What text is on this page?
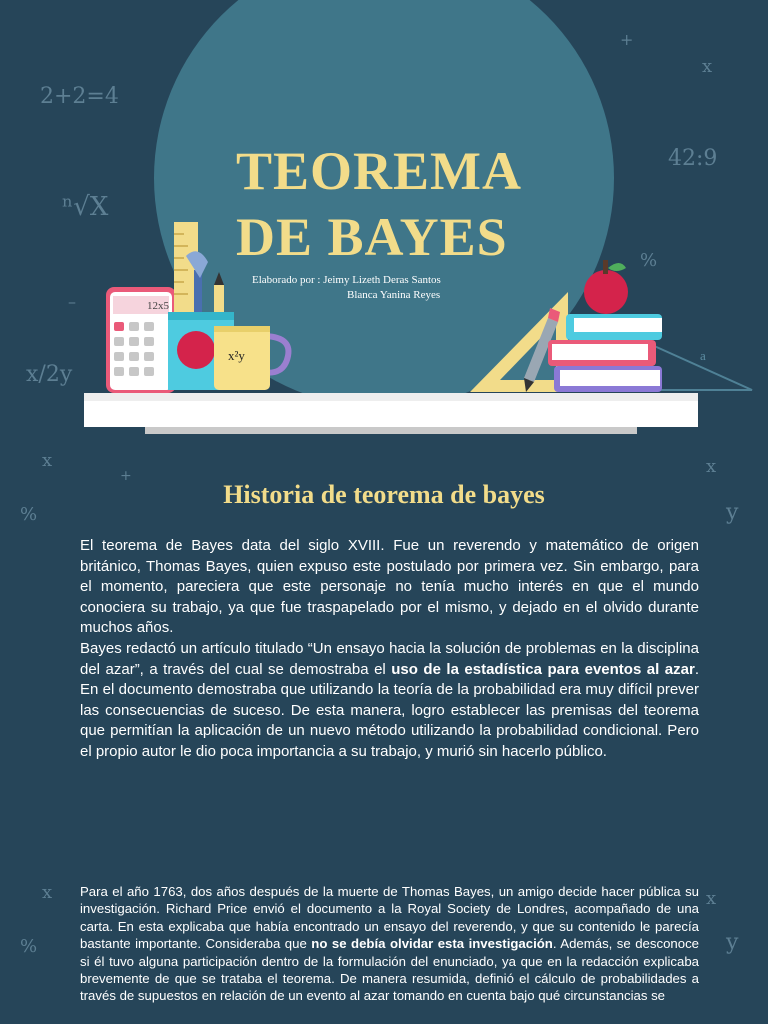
2+2=4
42:9
ⁿ√X
x/2y
x
+
%
–
x
+
%
x
y
x
%
x
y
x²y
12x5
a
TEOREMA
DE BAYES
Elaborado por : Jeimy Lizeth Deras Santos
Blanca Yanina Reyes
Historia de teorema de bayes

El teorema de Bayes data del siglo XVIII. Fue un reverendo y matemático de origen británico, Thomas Bayes, quien expuso este postulado por primera vez. Sin embargo, para el momento, pareciera que este personaje no tenía mucho interés en que el mundo conociera su trabajo, ya que fue traspapelado por el mismo, y dejado en el olvido durante muchos años.

Bayes redactó un artículo titulado “Un ensayo hacia la solución de problemas en la disciplina del azar”, a través del cual se demostraba el uso de la estadística para eventos al azar. En el documento demostraba que utilizando la teoría de la probabilidad era muy difícil prever las consecuencias de suceso. De esta manera, logro establecer las premisas del teorema que permitían la aplicación de un nuevo método utilizando la probabilidad condicional. Pero el propio autor le dio poca importancia a su trabajo, y murió sin hacerlo público.

Para el año 1763, dos años después de la muerte de Thomas Bayes, un amigo decide hacer pública su investigación. Richard Price envió el documento a la Royal Society de Londres, acompañado de una carta. En esta explicaba que había encontrado un ensayo del reverendo, y que su contenido le parecía bastante importante. Consideraba que no se debía olvidar esta investigación. Además, se desconoce si él tuvo alguna participación dentro de la formulación del enunciado, ya que en la redacción explicaba brevemente de que se trataba el teorema. De manera resumida, definió el cálculo de probabilidades a través de supuestos en relación de un evento al azar tomando en cuenta bajo qué circunstancias se
